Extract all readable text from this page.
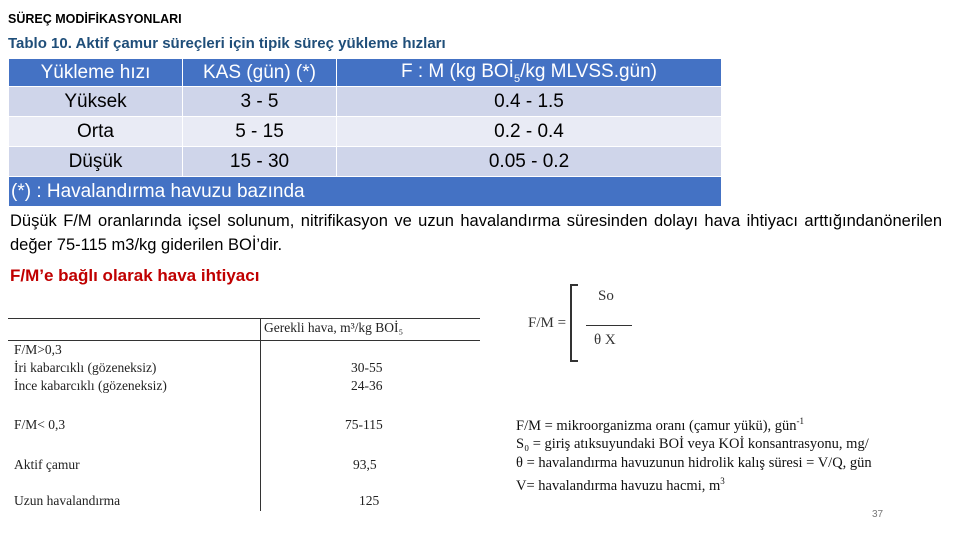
SÜREÇ MODİFİKASYONLARI
Tablo 10. Aktif çamur süreçleri için tipik süreç yükleme hızları
Yükleme hızı	KAS (gün) (*)	F : M (kg $BOİ_5/kg$ MLVSS.gün)
Yüksek	3 - 5	0.4 - 1.5
Orta	5 - 15	0.2 - 0.4
Düşük	15 - 30	0.05 - 0.2
(*) : Havalandırma havuzu bazında		
Düşük F/M oranlarında içsel solunum, nitrifikasyon ve uzun havalandırma süresinden dolayı hava ihtiyacı arttığındanönerilen değer 75-115 m3/kg giderilen BOİ’dir.
F/M’e bağlı olarak hava ihtiyacı
Gerekli hava, m³/kg BOİ₅
F/M>0,3
İri kabarcıklı (gözeneksiz)	30-55
İnce kabarcıklı (gözeneksiz)	24-36
F/M< 0,3	75-115
Aktif çamur	93,5
Uzun havalandırma	125
F/M =
So
θ X
F/M = mikroorganizma oranı (çamur yükü), gün$^{-1}$
S₀ = giriş atıksuyundaki BOİ veya KOİ konsantrasyonu, mg/
θ = havalandırma havuzunun hidrolik kalış süresi = V/Q, gün
V= havalandırma havuzu hacmi, $m^3$
37
